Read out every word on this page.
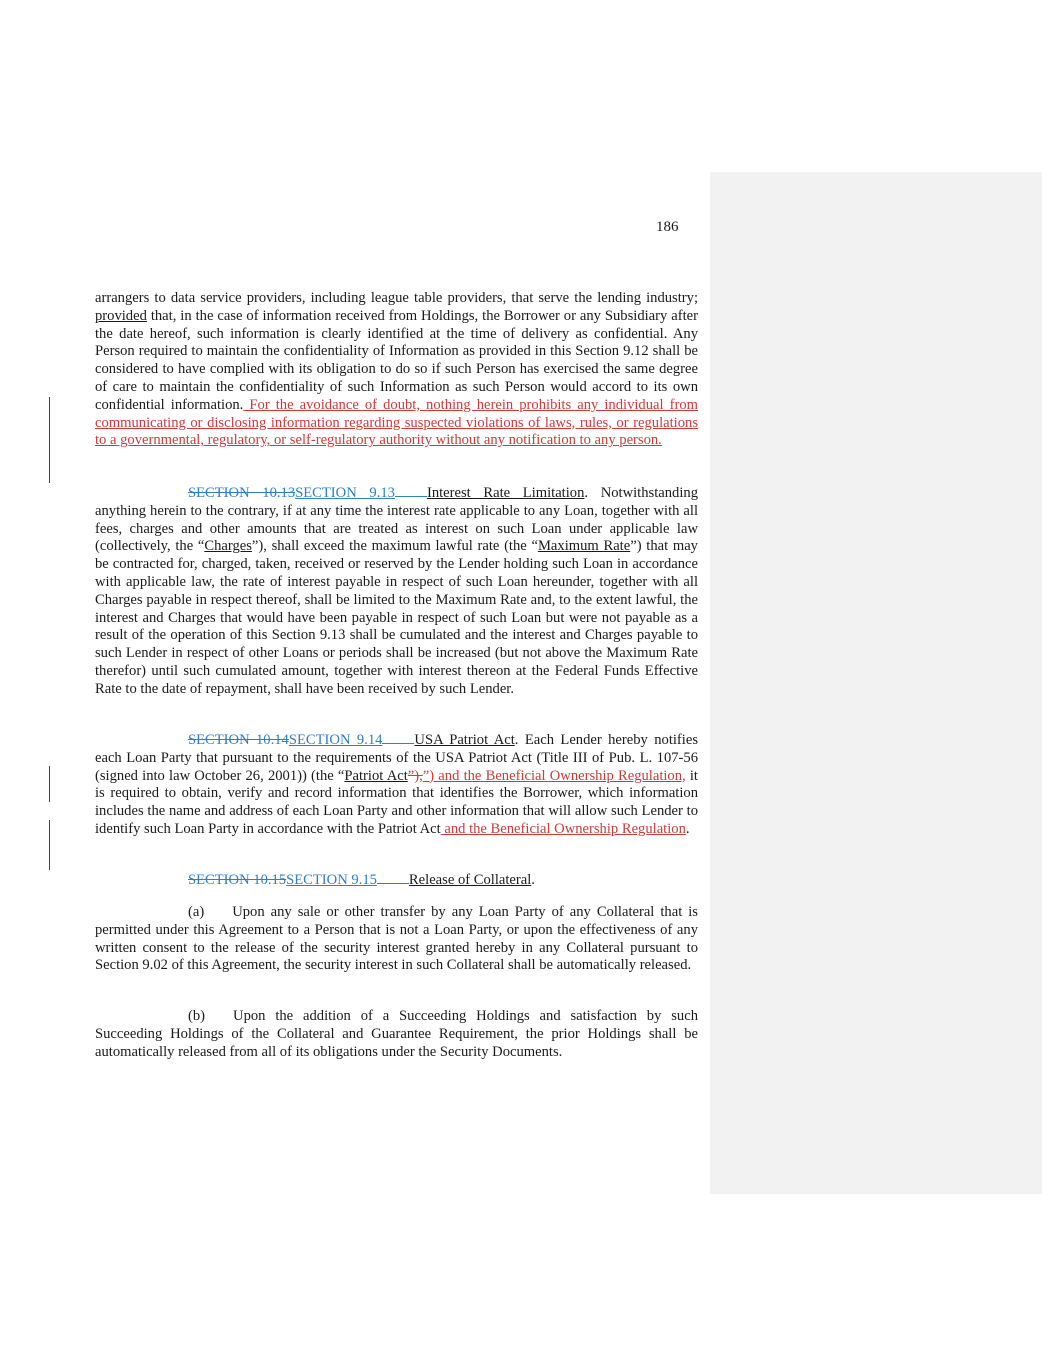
186

arrangers to data service providers, including league table providers, that serve the lending industry; provided that, in the case of information received from Holdings, the Borrower or any Subsidiary after the date hereof, such information is clearly identified at the time of delivery as confidential. Any Person required to maintain the confidentiality of Information as provided in this Section 9.12 shall be considered to have complied with its obligation to do so if such Person has exercised the same degree of care to maintain the confidentiality of such Information as such Person would accord to its own confidential information. For the avoidance of doubt, nothing herein prohibits any individual from communicating or disclosing information regarding suspected violations of laws, rules, or regulations to a governmental, regulatory, or self-regulatory authority without any notification to any person.

SECTION 10.13SECTION 9.13 Interest Rate Limitation. Notwithstanding anything herein to the contrary, if at any time the interest rate applicable to any Loan, together with all fees, charges and other amounts that are treated as interest on such Loan under applicable law (collectively, the “Charges”), shall exceed the maximum lawful rate (the “Maximum Rate”) that may be contracted for, charged, taken, received or reserved by the Lender holding such Loan in accordance with applicable law, the rate of interest payable in respect of such Loan hereunder, together with all Charges payable in respect thereof, shall be limited to the Maximum Rate and, to the extent lawful, the interest and Charges that would have been payable in respect of such Loan but were not payable as a result of the operation of this Section 9.13 shall be cumulated and the interest and Charges payable to such Lender in respect of other Loans or periods shall be increased (but not above the Maximum Rate therefor) until such cumulated amount, together with interest thereon at the Federal Funds Effective Rate to the date of repayment, shall have been received by such Lender.

SECTION 10.14SECTION 9.14 USA Patriot Act. Each Lender hereby notifies each Loan Party that pursuant to the requirements of the USA Patriot Act (Title III of Pub. L. 107-56 (signed into law October 26, 2001)) (the “Patriot Act”),”) and the Beneficial Ownership Regulation, it is required to obtain, verify and record information that identifies the Borrower, which information includes the name and address of each Loan Party and other information that will allow such Lender to identify such Loan Party in accordance with the Patriot Act and the Beneficial Ownership Regulation.

SECTION 10.15SECTION 9.15 Release of Collateral.

(a) Upon any sale or other transfer by any Loan Party of any Collateral that is permitted under this Agreement to a Person that is not a Loan Party, or upon the effectiveness of any written consent to the release of the security interest granted hereby in any Collateral pursuant to Section 9.02 of this Agreement, the security interest in such Collateral shall be automatically released.

(b) Upon the addition of a Succeeding Holdings and satisfaction by such Succeeding Holdings of the Collateral and Guarantee Requirement, the prior Holdings shall be automatically released from all of its obligations under the Security Documents.
